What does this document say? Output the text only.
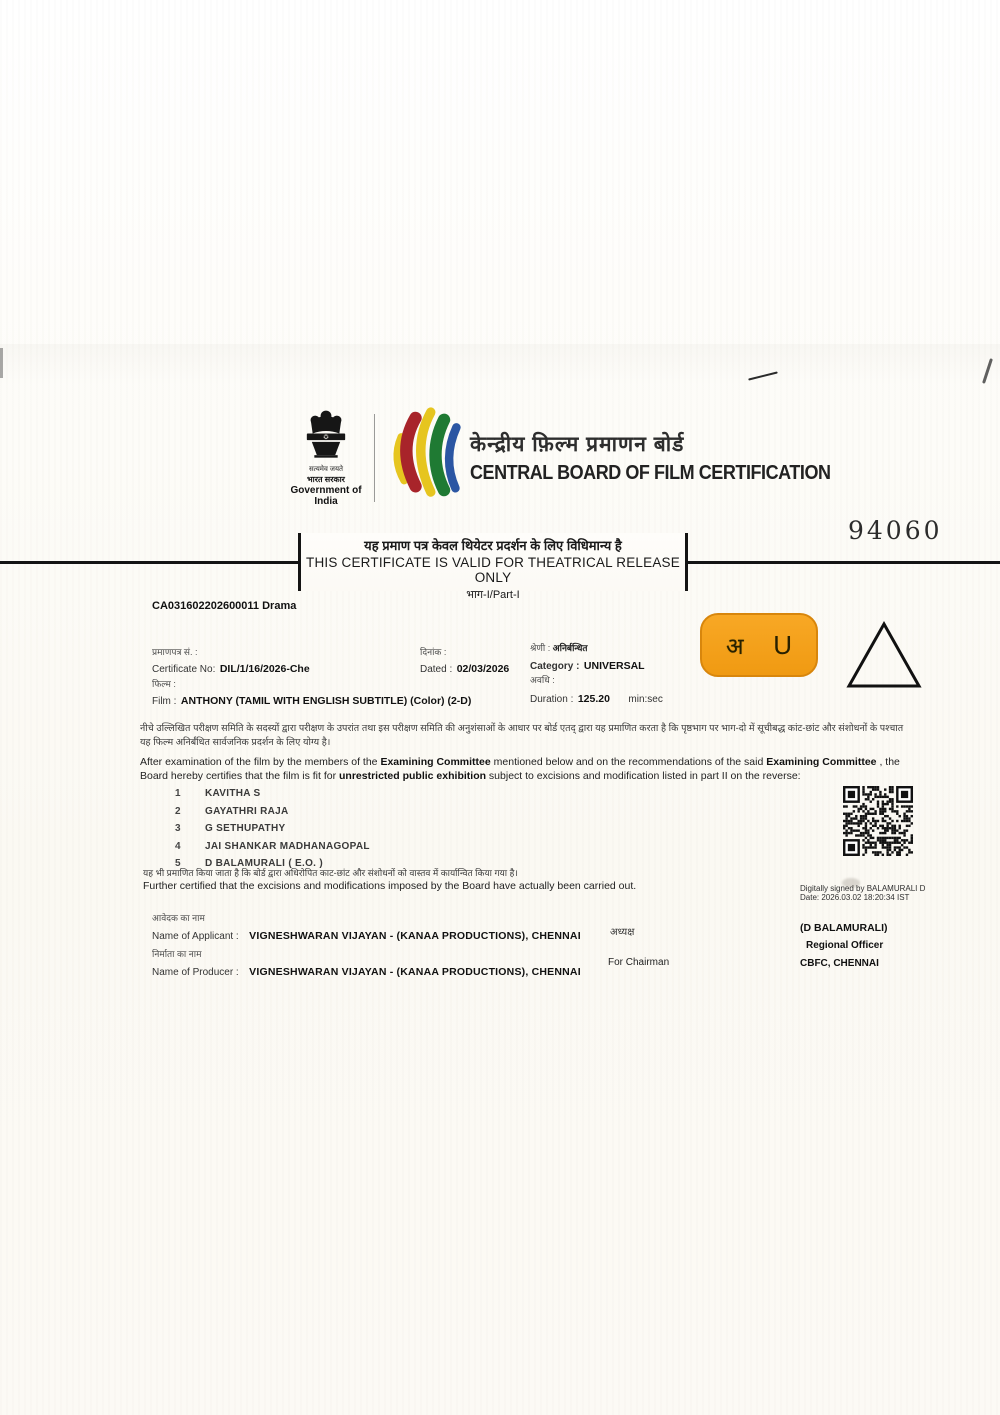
सत्यमेव जयते
भारत सरकार
Government of India
केन्द्रीय फ़िल्म प्रमाणन बोर्ड
CENTRAL BOARD OF FILM CERTIFICATION
94060
यह प्रमाण पत्र केवल थियेटर प्रदर्शन के लिए विधिमान्य है
THIS CERTIFICATE IS VALID FOR THEATRICAL RELEASE ONLY
भाग-I/Part-I
CA031602202600011 Drama
अ U
प्रमाणपत्र सं. :
Certificate No: DIL/1/16/2026-Che
दिनांक :
Dated : 02/03/2026
श्रेणी : अनिर्बन्धित
Category : UNIVERSAL
फिल्म :
Film : ANTHONY (TAMIL WITH ENGLISH SUBTITLE) (Color) (2-D)
अवधि :
Duration : 125.20 min:sec
नीचे उल्लिखित परीक्षण समिति के सदस्यों द्वारा परीक्षण के उपरांत तथा इस परीक्षण समिति की अनुशंसाओं के आधार पर बोर्ड एतद् द्वारा यह प्रमाणित करता है कि पृष्ठभाग पर भाग-दो में सूचीबद्ध कांट-छांट और संशोधनों के पश्चात
यह फिल्म अनिर्बंधित सार्वजनिक प्रदर्शन के लिए योग्य है।
After examination of the film by the members of the Examining Committee mentioned below and on the recommendations of the said Examining Committee , the Board hereby certifies that the film is fit for unrestricted public exhibition subject to excisions and modification listed in part II on the reverse:
1	KAVITHA S
2	GAYATHRI RAJA
3	G SETHUPATHY
4	JAI SHANKAR MADHANAGOPAL
5	D BALAMURALI ( E.O. )
यह भी प्रमाणित किया जाता है कि बोर्ड द्वारा अधिरोपित काट-छांट और संशोधनों को वास्तव में कार्यान्वित किया गया है।
Further certified that the excisions and modifications imposed by the Board have actually been carried out.	Digitally signed by BALAMURALI D
Date: 2026.03.02 18:20:34 IST
आवेदक का नाम
Name of Applicant : VIGNESHWARAN VIJAYAN - (KANAA PRODUCTIONS), CHENNAI
निर्माता का नाम
Name of Producer : VIGNESHWARAN VIJAYAN - (KANAA PRODUCTIONS), CHENNAI
अध्यक्ष
For Chairman
(D BALAMURALI)
Regional Officer
CBFC, CHENNAI
